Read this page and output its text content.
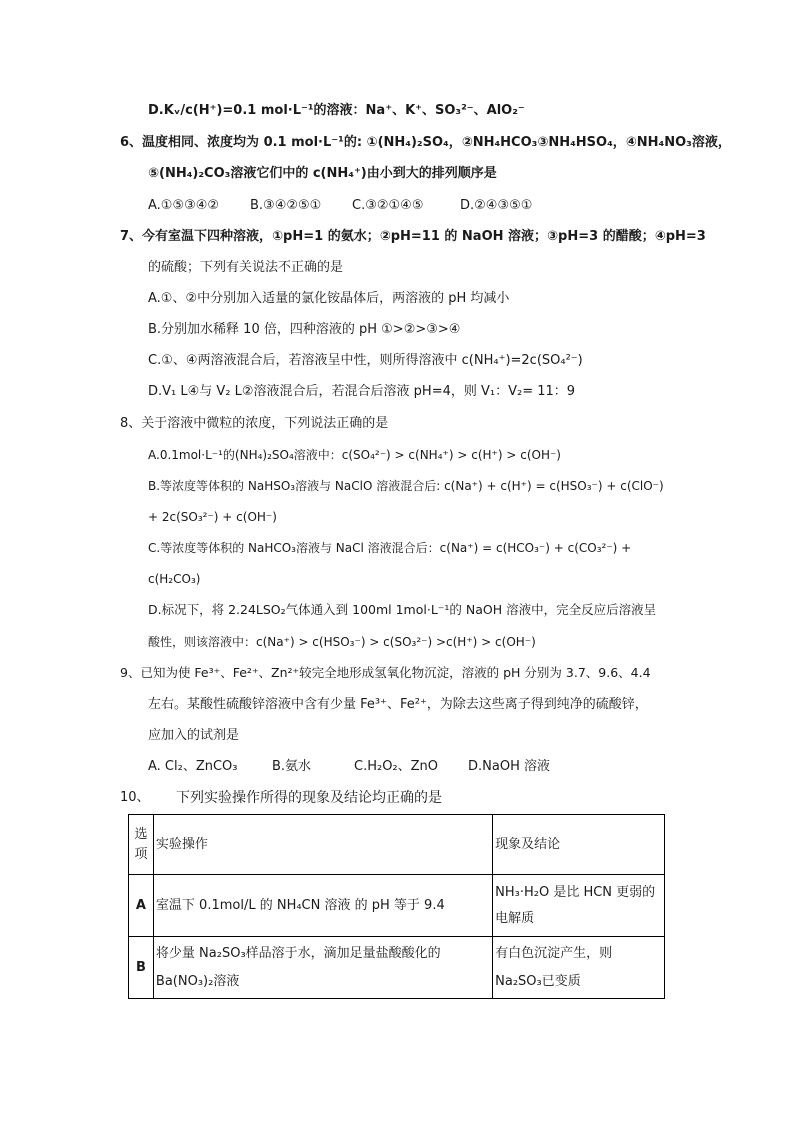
D.Kᵥ/c(H⁺)=0.1 mol·L⁻¹的溶液：Na⁺、K⁺、SO₃²⁻、AlO₂⁻
6、温度相同、浓度均为 0.1 mol·L⁻¹的: ①(NH₄)₂SO₄，②NH₄HCO₃③NH₄HSO₄，④NH₄NO₃溶液，
⑤(NH₄)₂CO₃溶液它们中的 c(NH₄⁺)由小到大的排列顺序是
A.①⑤③④② B.③④②⑤① C.③②①④⑤	D.②④③⑤①
7、今有室温下四种溶液，①pH=1 的氨水；②pH=11 的 NaOH 溶液；③pH=3 的醋酸；④pH=3
的硫酸；下列有关说法不正确的是
A.①、②中分别加入适量的氯化铵晶体后，两溶液的 pH 均减小
B.分别加水稀释 10 倍，四种溶液的 pH ①>②>③>④
C.①、④两溶液混合后，若溶液呈中性，则所得溶液中 c(NH₄⁺)=2c(SO₄²⁻)
D.V₁ L④与 V₂ L②溶液混合后，若混合后溶液 pH=4，则 V₁：V₂= 11：9
8、关于溶液中微粒的浓度，下列说法正确的是
A.0.1mol·L⁻¹的(NH₄)₂SO₄溶液中：c(SO₄²⁻) > c(NH₄⁺) > c(H⁺) > c(OH⁻)
B.等浓度等体积的 NaHSO₃溶液与 NaClO 溶液混合后: c(Na⁺) + c(H⁺) = c(HSO₃⁻) + c(ClO⁻)
+ 2c(SO₃²⁻) + c(OH⁻)
C.等浓度等体积的 NaHCO₃溶液与 NaCl 溶液混合后：c(Na⁺) = c(HCO₃⁻) + c(CO₃²⁻) +
c(H₂CO₃)
D.标况下，将 2.24LSO₂气体通入到 100ml 1mol·L⁻¹的 NaOH 溶液中，完全反应后溶液呈
酸性，则该溶液中：c(Na⁺) > c(HSO₃⁻) > c(SO₃²⁻) >c(H⁺) > c(OH⁻)
9、已知为使 Fe³⁺、Fe²⁺、Zn²⁺较完全地形成氢氧化物沉淀，溶液的 pH 分别为 3.7、9.6、4.4
左右。某酸性硫酸锌溶液中含有少量 Fe³⁺、Fe²⁺，为除去这些离子得到纯净的硫酸锌，
应加入的试剂是
A. Cl₂、ZnCO₃	B.氨水	C.H₂O₂、ZnO D.NaOH 溶液
10、 下列实验操作所得的现象及结论均正确的是
选项	实验操作	现象及结论
A	室温下 0.1mol/L 的 NH₄CN 溶液 的 pH 等于 9.4	NH₃·H₂O 是比 HCN 更弱的电解质
B	将少量 Na₂SO₃样品溶于水，滴加足量盐酸酸化的 Ba(NO₃)₂溶液	有白色沉淀产生，则 Na₂SO₃已变质
